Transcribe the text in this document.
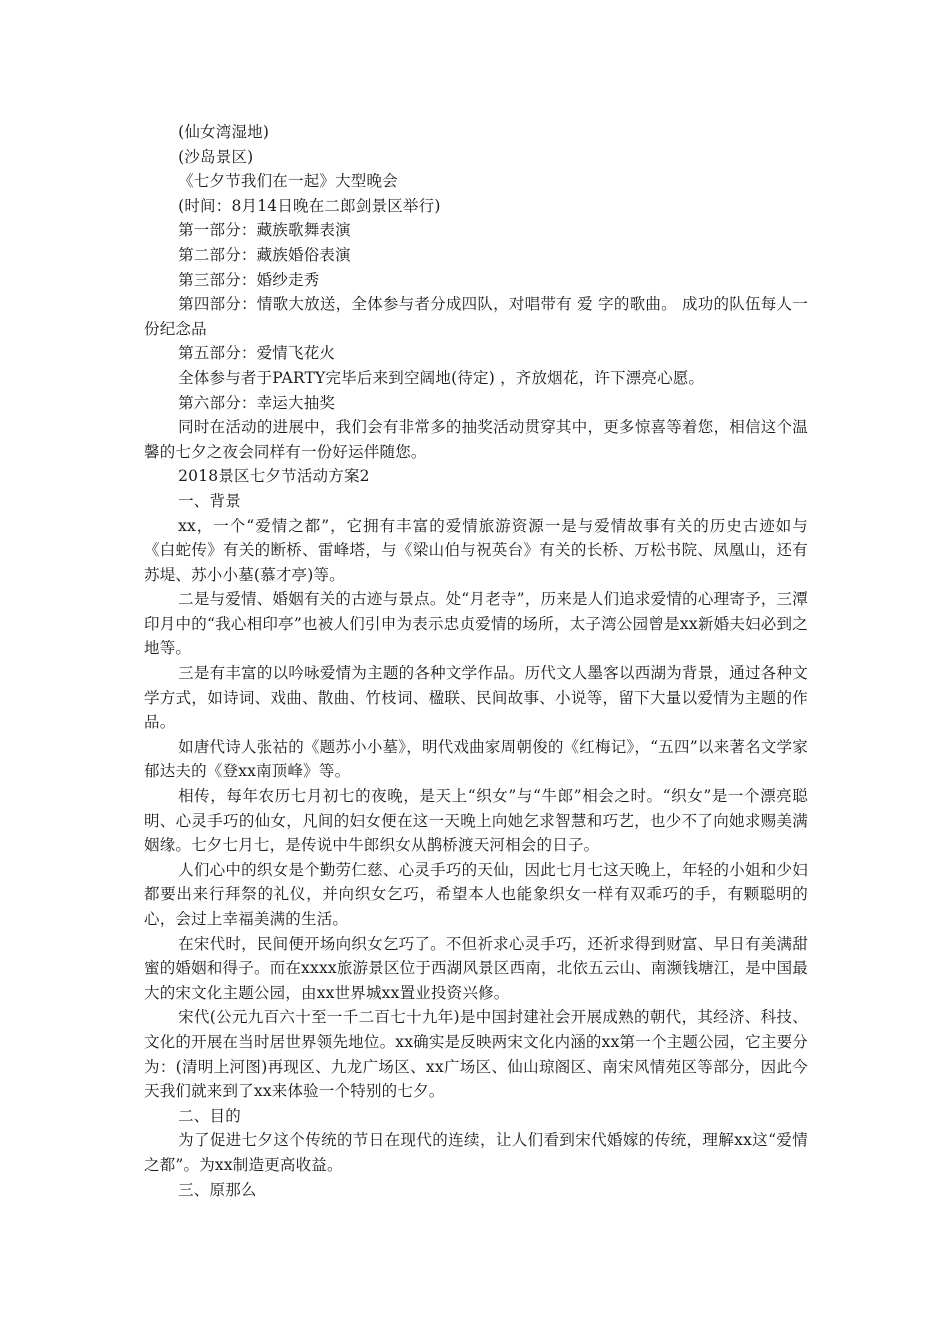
(仙女湾湿地)

(沙岛景区)

《七夕节我们在一起》大型晚会

(时间：8月14日晚在二郎剑景区举行)

第一部分：藏族歌舞表演

第二部分：藏族婚俗表演

第三部分：婚纱走秀

第四部分：情歌大放送，全体参与者分成四队，对唱带有 爱 字的歌曲。 成功的队伍每人一份纪念品

第五部分：爱情飞花火

全体参与者于PARTY完毕后来到空阔地(待定) ，齐放烟花，许下漂亮心愿。

第六部分：幸运大抽奖

同时在活动的进展中，我们会有非常多的抽奖活动贯穿其中，更多惊喜等着您，相信这个温馨的七夕之夜会同样有一份好运伴随您。

2018景区七夕节活动方案2

一、背景

xx，一个“爱情之都”，它拥有丰富的爱情旅游资源一是与爱情故事有关的历史古迹如与《白蛇传》有关的断桥、雷峰塔，与《梁山伯与祝英台》有关的长桥、万松书院、凤凰山，还有苏堤、苏小小墓(慕才亭)等。

二是与爱情、婚姻有关的古迹与景点。处“月老寺”，历来是人们追求爱情的心理寄予，三潭印月中的“我心相印亭”也被人们引申为表示忠贞爱情的场所，太子湾公园曾是xx新婚夫妇必到之地等。

三是有丰富的以吟咏爱情为主题的各种文学作品。历代文人墨客以西湖为背景，通过各种文学方式，如诗词、戏曲、散曲、竹枝词、楹联、民间故事、小说等，留下大量以爱情为主题的作品。

如唐代诗人张祜的《题苏小小墓》，明代戏曲家周朝俊的《红梅记》，“五四”以来著名文学家郁达夫的《登xx南顶峰》等。

相传，每年农历七月初七的夜晚，是天上“织女”与“牛郎”相会之时。“织女”是一个漂亮聪明、心灵手巧的仙女，凡间的妇女便在这一天晚上向她乞求智慧和巧艺，也少不了向她求赐美满姻缘。七夕七月七，是传说中牛郎织女从鹊桥渡天河相会的日子。

人们心中的织女是个勤劳仁慈、心灵手巧的天仙，因此七月七这天晚上，年轻的小姐和少妇都要出来行拜祭的礼仪，并向织女乞巧，希望本人也能象织女一样有双乖巧的手，有颗聪明的心，会过上幸福美满的生活。

在宋代时，民间便开场向织女乞巧了。不但祈求心灵手巧，还祈求得到财富、早日有美满甜蜜的婚姻和得子。而在xxxx旅游景区位于西湖风景区西南，北依五云山、南濒钱塘江，是中国最大的宋文化主题公园，由xx世界城xx置业投资兴修。

宋代(公元九百六十至一千二百七十九年)是中国封建社会开展成熟的朝代，其经济、科技、文化的开展在当时居世界领先地位。xx确实是反映两宋文化内涵的xx第一个主题公园，它主要分为：(清明上河图)再现区、九龙广场区、xx广场区、仙山琼阁区、南宋风情苑区等部分，因此今天我们就来到了xx来体验一个特别的七夕。

二、目的

为了促进七夕这个传统的节日在现代的连续，让人们看到宋代婚嫁的传统，理解xx这“爱情之都”。为xx制造更高收益。

三、原那么
